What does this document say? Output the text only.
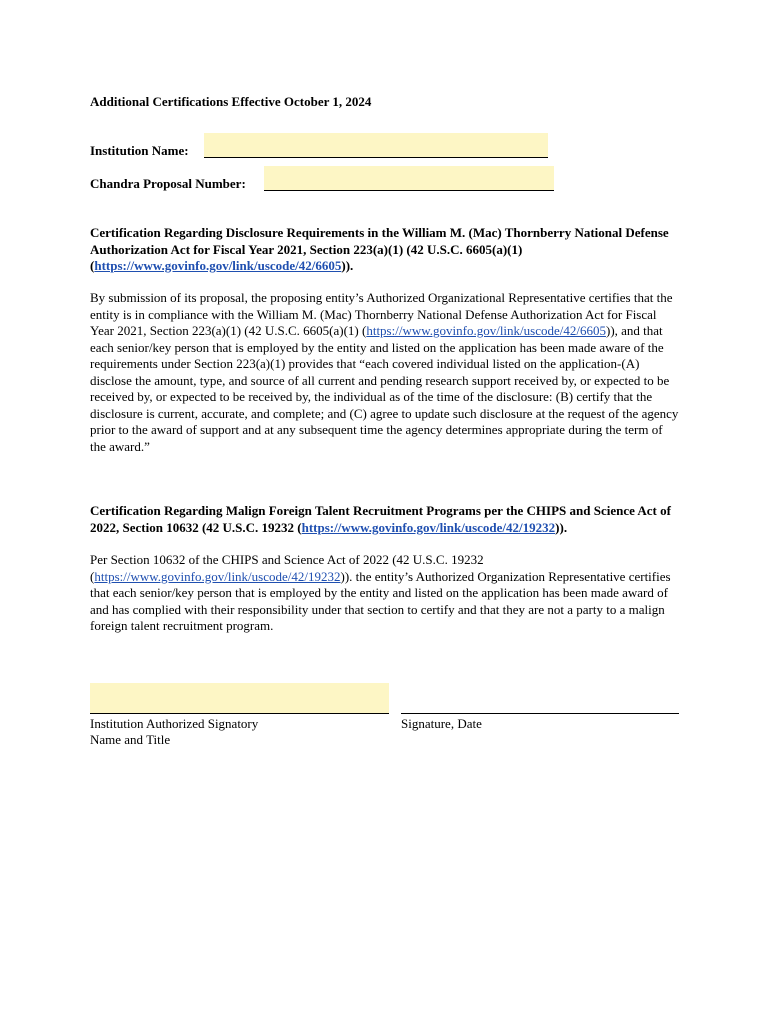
Additional Certifications Effective October 1, 2024
Institution Name:
Chandra Proposal Number:
Certification Regarding Disclosure Requirements in the William M. (Mac) Thornberry National Defense Authorization Act for Fiscal Year 2021, Section 223(a)(1) (42 U.S.C. 6605(a)(1) (https://www.govinfo.gov/link/uscode/42/6605)).
By submission of its proposal, the proposing entity’s Authorized Organizational Representative certifies that the entity is in compliance with the William M. (Mac) Thornberry National Defense Authorization Act for Fiscal Year 2021, Section 223(a)(1) (42 U.S.C. 6605(a)(1) (https://www.govinfo.gov/link/uscode/42/6605)), and that each senior/key person that is employed by the entity and listed on the application has been made aware of the requirements under Section 223(a)(1) provides that “each covered individual listed on the application-(A) disclose the amount, type, and source of all current and pending research support received by, or expected to be received by, or expected to be received by, the individual as of the time of the disclosure: (B) certify that the disclosure is current, accurate, and complete; and (C) agree to update such disclosure at the request of the agency prior to the award of support and at any subsequent time the agency determines appropriate during the term of the award.”
Certification Regarding Malign Foreign Talent Recruitment Programs per the CHIPS and Science Act of 2022, Section 10632 (42 U.S.C. 19232 (https://www.govinfo.gov/link/uscode/42/19232)).
Per Section 10632 of the CHIPS and Science Act of 2022 (42 U.S.C. 19232 (https://www.govinfo.gov/link/uscode/42/19232)). the entity’s Authorized Organization Representative certifies that each senior/key person that is employed by the entity and listed on the application has been made award of and has complied with their responsibility under that section to certify and that they are not a party to a malign foreign talent recruitment program.
Institution Authorized Signatory
Name and Title
Signature, Date
